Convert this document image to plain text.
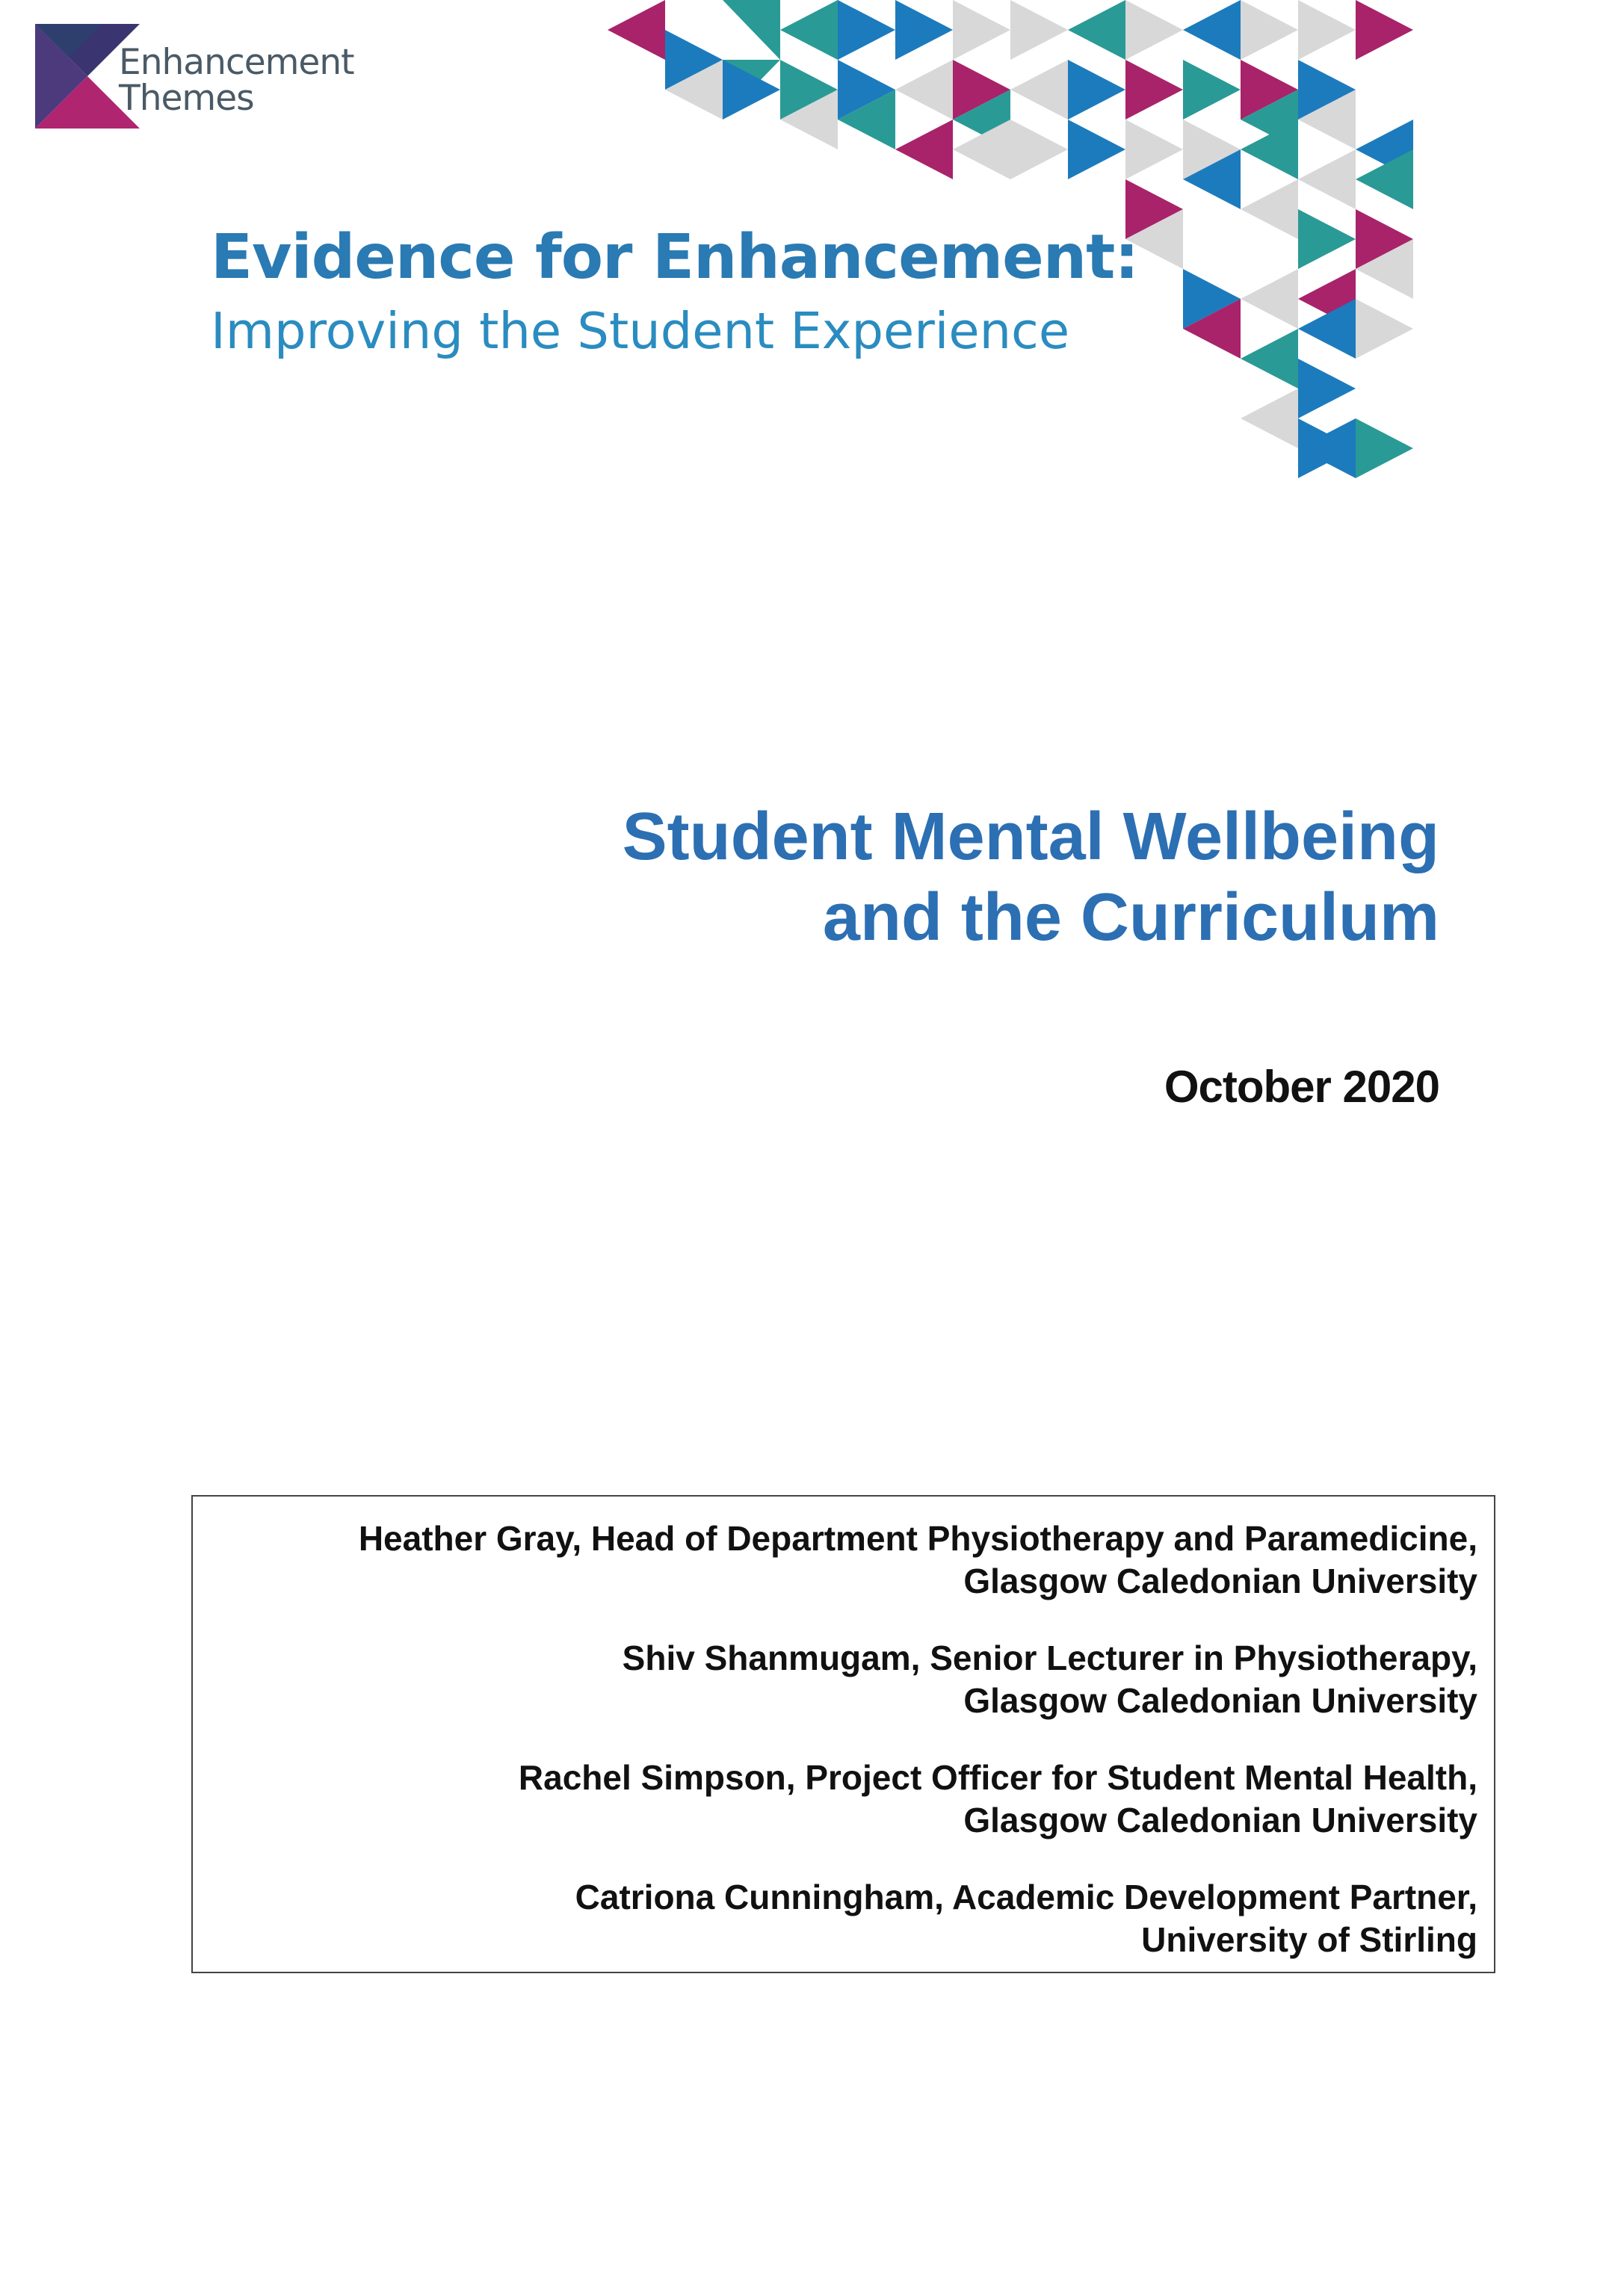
Enhancement
Themes
Evidence for Enhancement:
Improving the Student Experience
Student Mental Wellbeing
and the Curriculum
October 2020
Heather Gray, Head of Department Physiotherapy and Paramedicine,
Glasgow Caledonian University
Shiv Shanmugam, Senior Lecturer in Physiotherapy,
Glasgow Caledonian University
Rachel Simpson, Project Officer for Student Mental Health,
Glasgow Caledonian University
Catriona Cunningham, Academic Development Partner,
University of Stirling
